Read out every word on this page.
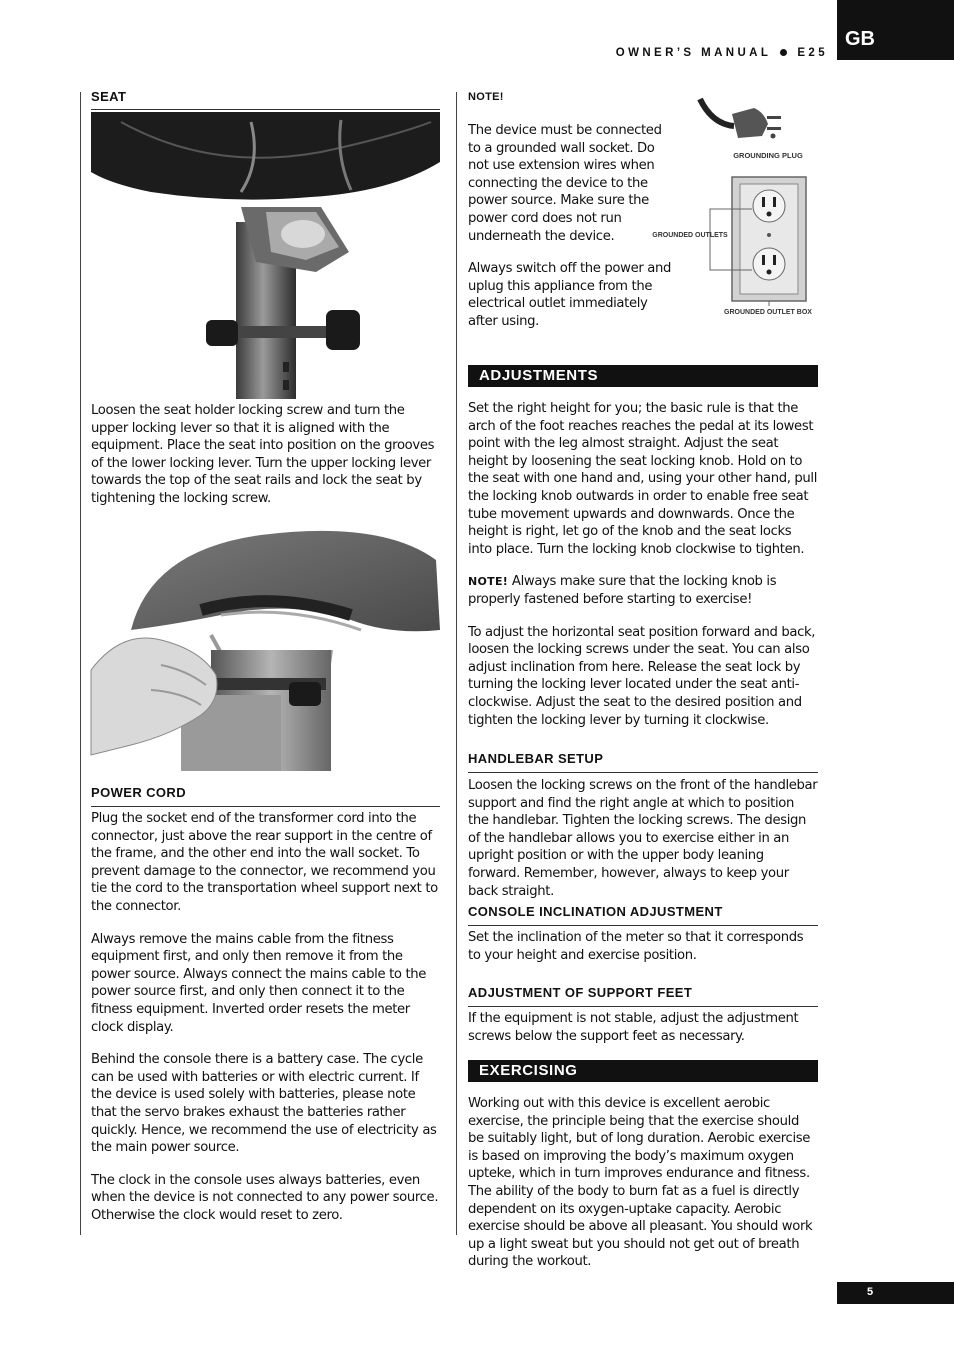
GB
OWNER’S MANUAL E25
SEAT

Loosen the seat holder locking screw and turn the upper locking lever so that it is aligned with the equipment. Place the seat into position on the grooves of the lower locking lever. Turn the upper locking lever towards the top of the seat rails and lock the seat by tightening the locking screw.

POWER CORD

Plug the socket end of the transformer cord into the connector, just above the rear support in the centre of the frame, and the other end into the wall socket. To prevent damage to the connector, we recommend you tie the cord to the transportation wheel support next to the connector.

Always remove the mains cable from the fitness equipment first, and only then remove it from the power source. Always connect the mains cable to the power source first, and only then connect it to the fitness equipment. Inverted order resets the meter clock display.

Behind the console there is a battery case. The cycle can be used with batteries or with electric current. If the device is used solely with batteries, please note that the servo brakes exhaust the batteries rather quickly. Hence, we recommend the use of electricity as the main power source.

The clock in the console uses always batteries, even when the device is not connected to any power source. Otherwise the clock would reset to zero.

NOTE!

The device must be connected to a grounded wall socket. Do not use extension wires when connecting the device to the power source. Make sure the power cord does not run underneath the device.

Always switch off the power and uplug this appliance from the electrical outlet immediately after using.

GROUNDING PLUG
GROUNDED OUTLETS
GROUNDED OUTLET BOX
ADJUSTMENTS

Set the right height for you; the basic rule is that the arch of the foot reaches reaches the pedal at its lowest point with the leg almost straight. Adjust the seat height by loosening the seat locking knob. Hold on to the seat with one hand and, using your other hand, pull the locking knob outwards in order to enable free seat tube movement upwards and downwards. Once the height is right, let go of the knob and the seat locks into place. Turn the locking knob clockwise to tighten.

NOTE! Always make sure that the locking knob is properly fastened before starting to exercise!

To adjust the horizontal seat position forward and back, loosen the locking screws under the seat. You can also adjust inclination from here. Release the seat lock by turning the locking lever located under the seat anti-clockwise. Adjust the seat to the desired position and tighten the locking lever by turning it clockwise.

HANDLEBAR SETUP

Loosen the locking screws on the front of the handlebar support and find the right angle at which to position the handlebar. Tighten the locking screws. The design of the handlebar allows you to exercise either in an upright position or with the upper body leaning forward. Remember, however, always to keep your back straight.

CONSOLE INCLINATION ADJUSTMENT

Set the inclination of the meter so that it corresponds to your height and exercise position.

ADJUSTMENT OF SUPPORT FEET

If the equipment is not stable, adjust the adjustment screws below the support feet as necessary.

EXERCISING

Working out with this device is excellent aerobic exercise, the principle being that the exercise should be suitably light, but of long duration. Aerobic exercise is based on improving the body’s maximum oxygen upteke, which in turn improves endurance and fitness. The ability of the body to burn fat as a fuel is directly dependent on its oxygen-uptake capacity. Aerobic exercise should be above all pleasant. You should work up a light sweat but you should not get out of breath during the workout.

5
